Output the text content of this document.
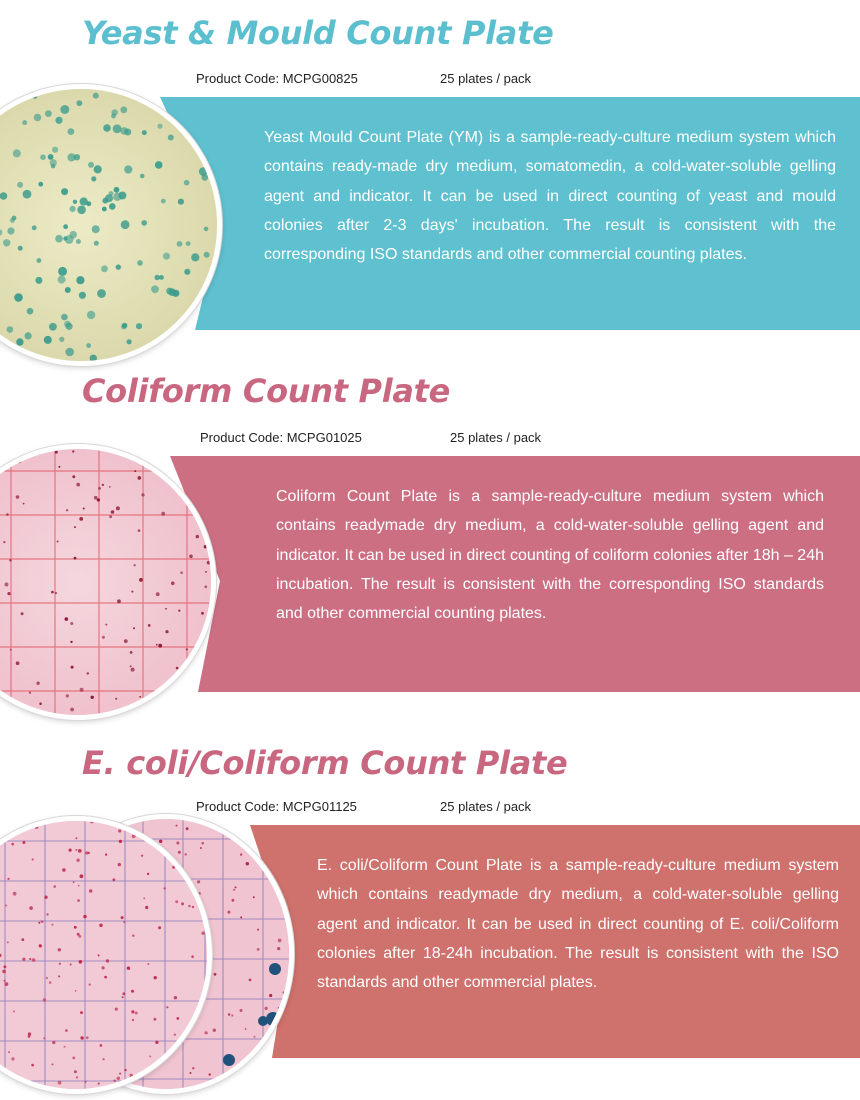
Yeast & Mould Count Plate
Product Code: MCPG00825	25 plates / pack

Yeast Mould Count Plate (YM) is a sample-ready-culture medium system which contains ready-made dry medium, somatomedin, a cold-water-soluble gelling agent and indicator. It can be used in direct counting of yeast and mould colonies after 2-3 days' incubation. The result is consistent with the corresponding ISO standards and other commercial counting plates.

Coliform Count Plate
Product Code: MCPG01025	25 plates / pack

Coliform Count Plate is a sample-ready-culture medium system which contains readymade dry medium, a cold-water-soluble gelling agent and indicator. It can be used in direct counting of coliform colonies after 18h – 24h incubation. The result is consistent with the corresponding ISO standards and other commercial counting plates.

E. coli/Coliform Count Plate
Product Code: MCPG01125	25 plates / pack

E. coli/Coliform Count Plate is a sample-ready-culture medium system which contains readymade dry medium, a cold-water-soluble gelling agent and indicator. It can be used in direct counting of E. coli/Coliform colonies after 18-24h incubation. The result is consistent with the ISO standards and other commercial plates.
